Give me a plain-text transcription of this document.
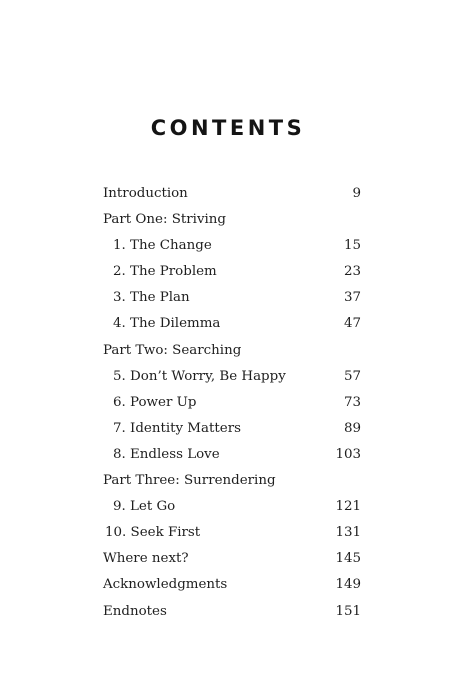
CONTENTS
Introduction	9
Part One: Striving
1. The Change	15
2. The Problem	23
3. The Plan	37
4. The Dilemma	47
Part Two: Searching
5. Don’t Worry, Be Happy	57
6. Power Up	73
7. Identity Matters	89
8. Endless Love	103
Part Three: Surrendering
9. Let Go	121
10. Seek First	131
Where next?	145
Acknowledgments	149
Endnotes	151
